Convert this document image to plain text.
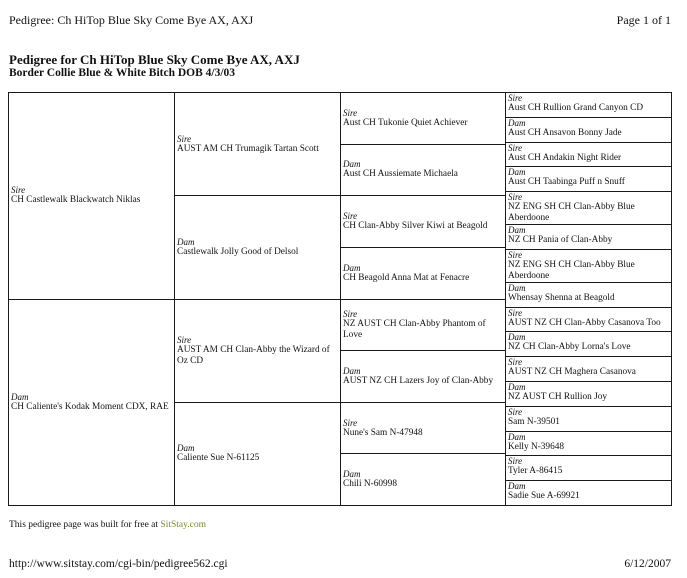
Pedigree: Ch HiTop Blue Sky Come Bye AX, AXJ	Page 1 of 1
Pedigree for Ch HiTop Blue Sky Come Bye AX, AXJ
Border Collie Blue & White Bitch DOB 4/3/03
Sire
CH Castlewalk Blackwatch Niklas
Dam
CH Caliente's Kodak Moment CDX, RAE
Sire
AUST AM CH Trumagik Tartan Scott
Dam
Castlewalk Jolly Good of Delsol
Sire
AUST AM CH Clan-Abby the Wizard of Oz CD
Dam
Caliente Sue N-61125
Sire
Aust CH Tukonie Quiet Achiever
Dam
Aust CH Aussiemate Michaela
Sire
CH Clan-Abby Silver Kiwi at Beagold
Dam
CH Beagold Anna Mat at Fenacre
Sire
NZ AUST CH Clan-Abby Phantom of Love
Dam
AUST NZ CH Lazers Joy of Clan-Abby
Sire
Nune's Sam N-47948
Dam
Chili N-60998
Sire
Aust CH Rullion Grand Canyon CD
Dam
Aust CH Ansavon Bonny Jade
Sire
Aust CH Andakin Night Rider
Dam
Aust CH Taabinga Puff n Snuff
Sire
NZ ENG SH CH Clan-Abby Blue Aberdoone
Dam
NZ CH Pania of Clan-Abby
Sire
NZ ENG SH CH Clan-Abby Blue Aberdoone
Dam
Whensay Shenna at Beagold
Sire
AUST NZ CH Clan-Abby Casanova Too
Dam
NZ CH Clan-Abby Lorna's Love
Sire
AUST NZ CH Maghera Casanova
Dam
NZ AUST CH Rullion Joy
Sire
Sam N-39501
Dam
Kelly N-39648
Sire
Tyler A-86415
Dam
Sadie Sue A-69921
This pedigree page was built for free at SitStay.com
http://www.sitstay.com/cgi-bin/pedigree562.cgi	6/12/2007
